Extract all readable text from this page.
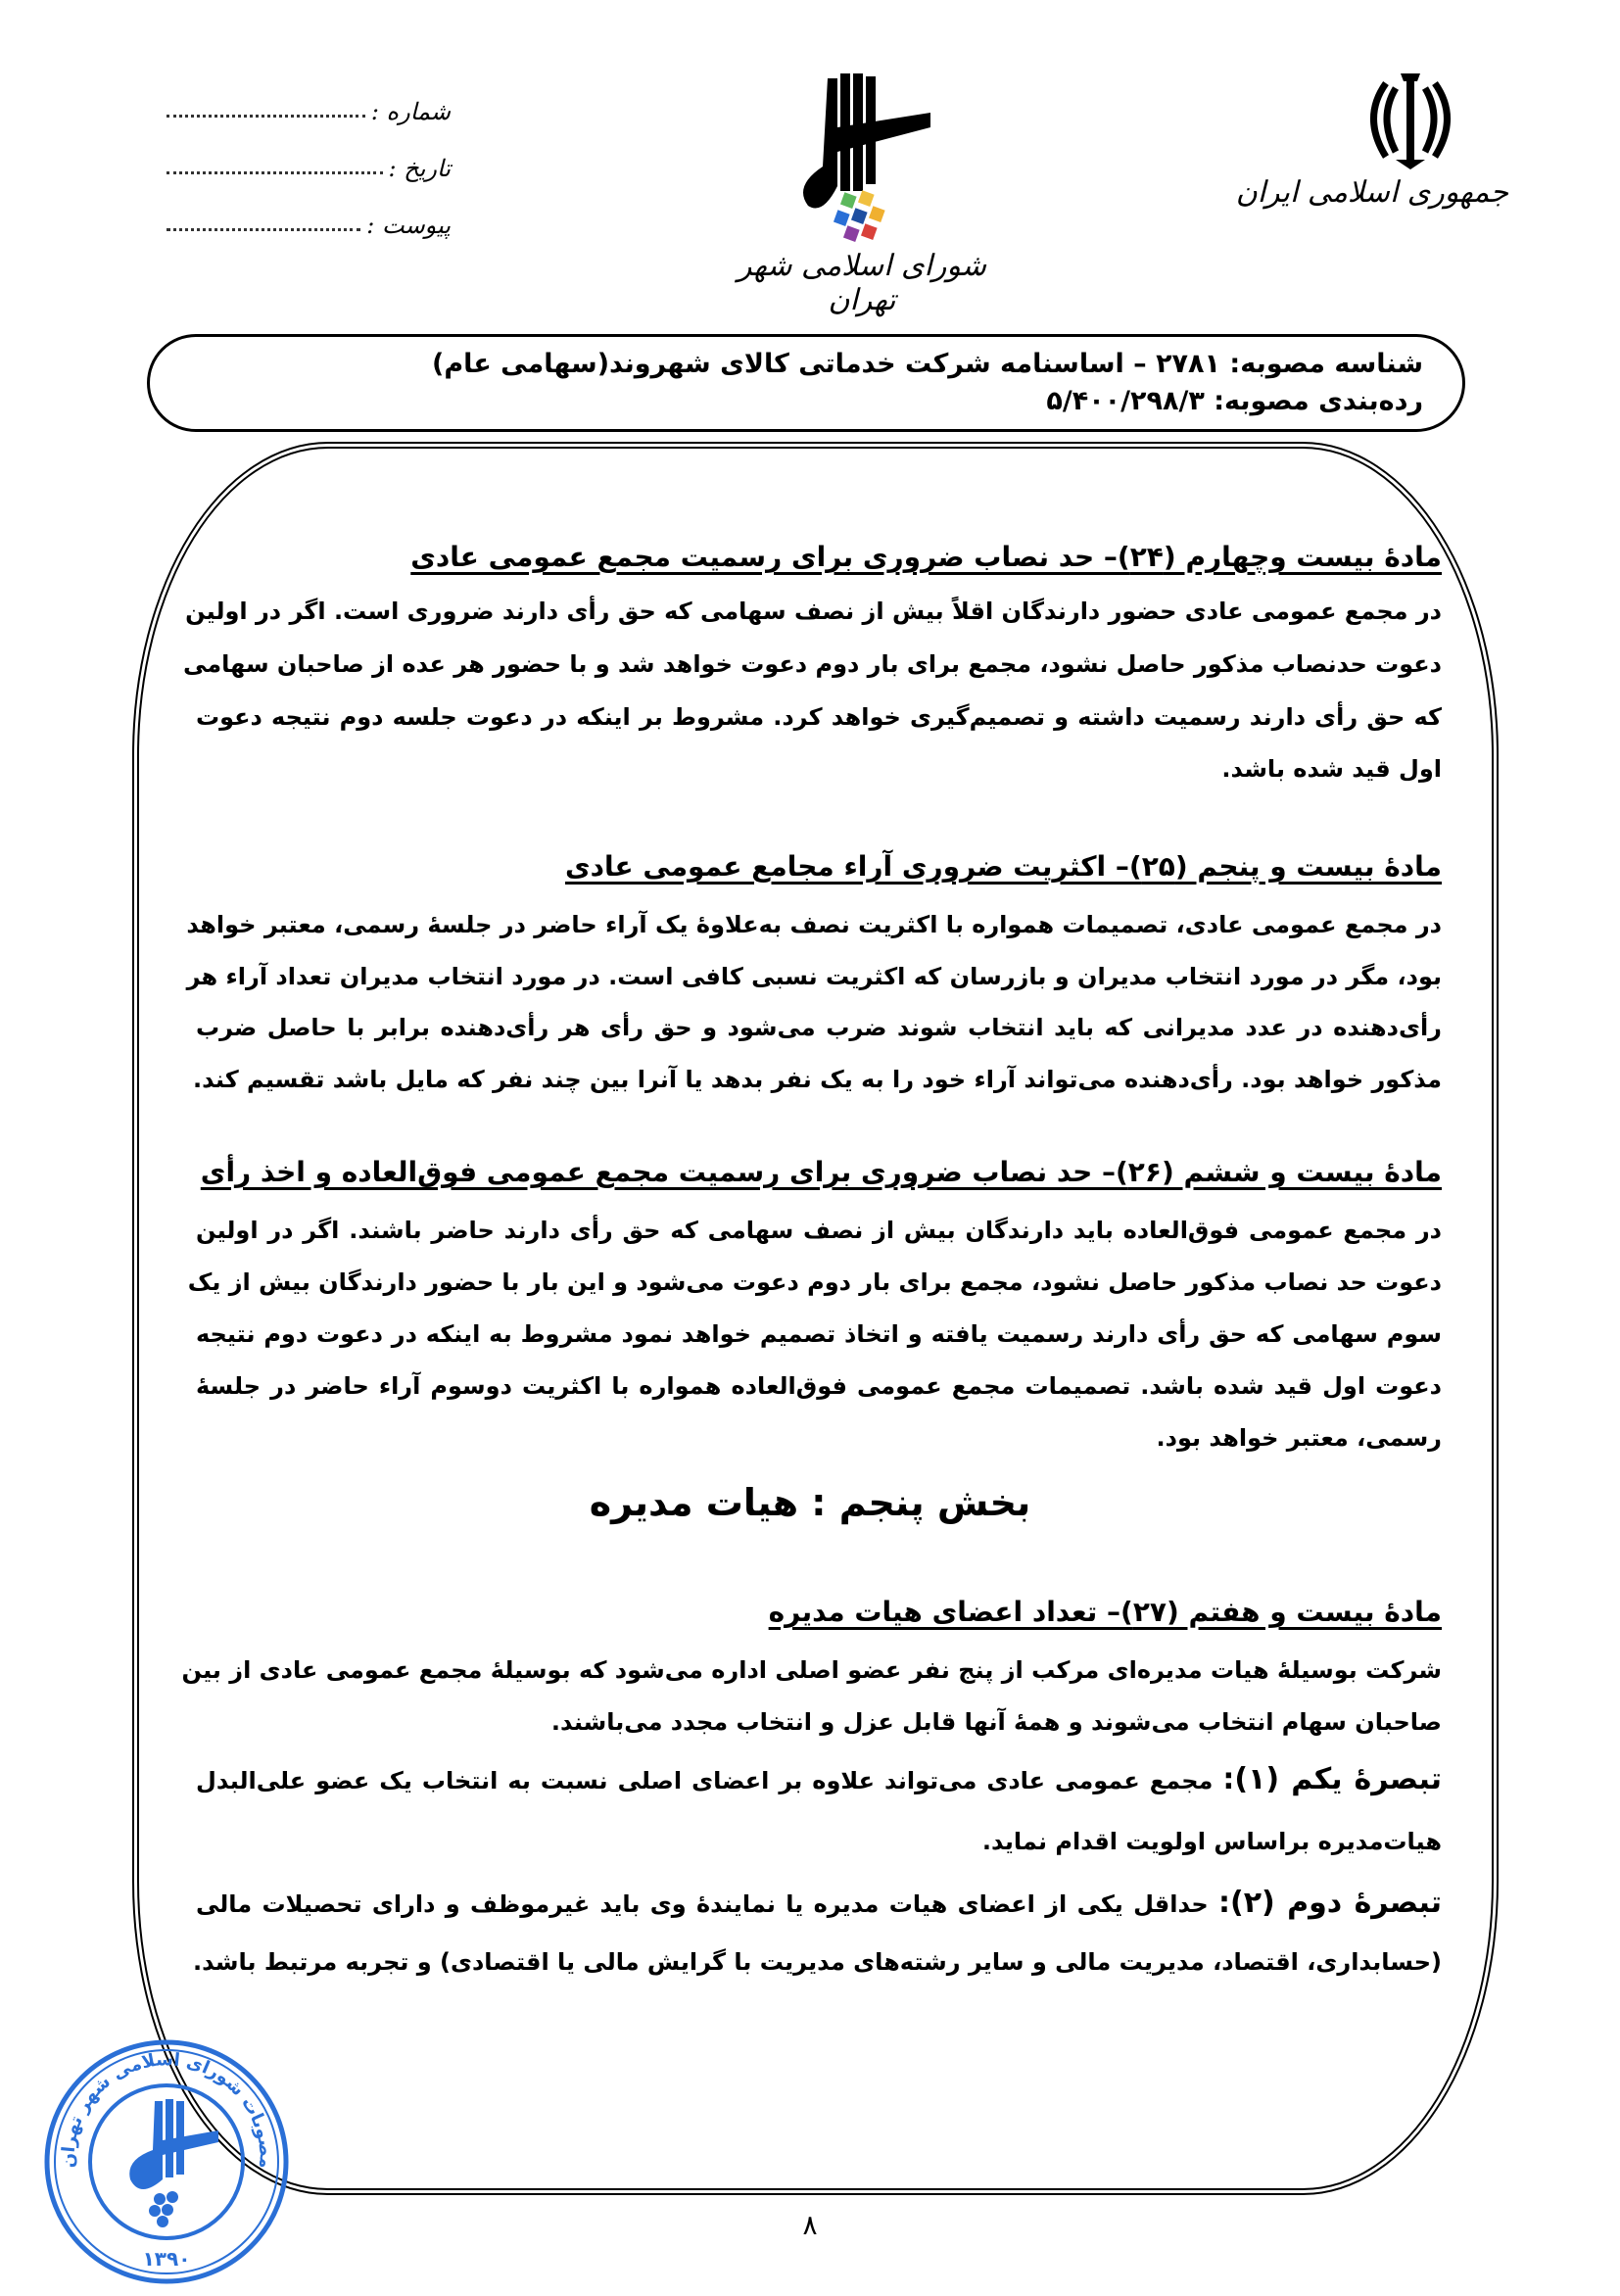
شماره :
تاریخ :
پیوست :
شورای اسلامی شهر تهران
جمهوری اسلامی ایران
شناسه مصوبه: ۲۷۸۱ – اساسنامه شرکت خدماتی کالای شهروند(سهامی عام)
رده‌بندی مصوبه: ۵/۴۰۰/۲۹۸/۳
مادهٔ بیست وچهارم (۲۴)– حد نصاب ضروری برای رسمیت مجمع عمومی عادی
در مجمع عمومی عادی حضور دارندگان اقلاً بیش از نصف سهامی که حق رأی دارند ضروری است. اگر در اولین
دعوت حدنصاب مذکور حاصل نشود، مجمع برای بار دوم دعوت خواهد شد و با حضور هر عده از صاحبان سهامی
که حق رأی دارند رسمیت داشته و تصمیم‌گیری خواهد کرد. مشروط بر اینکه در دعوت جلسه دوم نتیجه دعوت
اول قید شده باشد.
مادهٔ بیست و پنجم (۲۵)– اکثریت ضروری آراء مجامع عمومی عادی
در مجمع عمومی عادی، تصمیمات همواره با اکثریت نصف به‌علاوهٔ یک آراء حاضر در جلسهٔ رسمی، معتبر خواهد
بود، مگر در مورد انتخاب مدیران و بازرسان که اکثریت نسبی کافی است. در مورد انتخاب مدیران تعداد آراء هر
رأی‌دهنده در عدد مدیرانی که باید انتخاب شوند ضرب می‌شود و حق رأی هر رأی‌دهنده برابر با حاصل ضرب
مذکور خواهد بود. رأی‌دهنده می‌تواند آراء خود را به یک نفر بدهد یا آنرا بین چند نفر که مایل باشد تقسیم کند.
مادهٔ بیست و ششم (۲۶)– حد نصاب ضروری برای رسمیت مجمع عمومی فوق‌العاده و اخذ رأی
در مجمع عمومی فوق‌العاده باید دارندگان بیش از نصف سهامی که حق رأی دارند حاضر باشند. اگر در اولین
دعوت حد نصاب مذکور حاصل نشود، مجمع برای بار دوم دعوت می‌شود و این بار با حضور دارندگان بیش از یک
سوم سهامی که حق رأی دارند رسمیت یافته و اتخاذ تصمیم خواهد نمود مشروط به اینکه در دعوت دوم نتیجه
دعوت اول قید شده باشد. تصمیمات مجمع عمومی فوق‌العاده همواره با اکثریت دوسوم آراء حاضر در جلسهٔ
رسمی، معتبر خواهد بود.
بخش پنجم : هیات مدیره
مادهٔ بیست و هفتم (۲۷)– تعداد اعضای هیات مدیره
شرکت بوسیلهٔ هیات مدیره‌ای مرکب از پنج نفر عضو اصلی اداره می‌شود که بوسیلهٔ مجمع عمومی عادی از بین
صاحبان سهام انتخاب می‌شوند و همهٔ آنها قابل عزل و انتخاب مجدد می‌باشند.
تبصرهٔ یکم (۱): مجمع عمومی عادی می‌تواند علاوه بر اعضای اصلی نسبت به انتخاب یک عضو علی‌البدل
هیات‌مدیره براساس اولویت اقدام نماید.
تبصرهٔ دوم (۲): حداقل یکی از اعضای هیات مدیره یا نمایندهٔ وی باید غیرموظف و دارای تحصیلات مالی
(حسابداری، اقتصاد، مدیریت مالی و سایر رشته‌های مدیریت با گرایش مالی یا اقتصادی) و تجربه مرتبط باشد.
مصوبات شورای اسلامی شهر تهران
۱۳۹۰
۸
